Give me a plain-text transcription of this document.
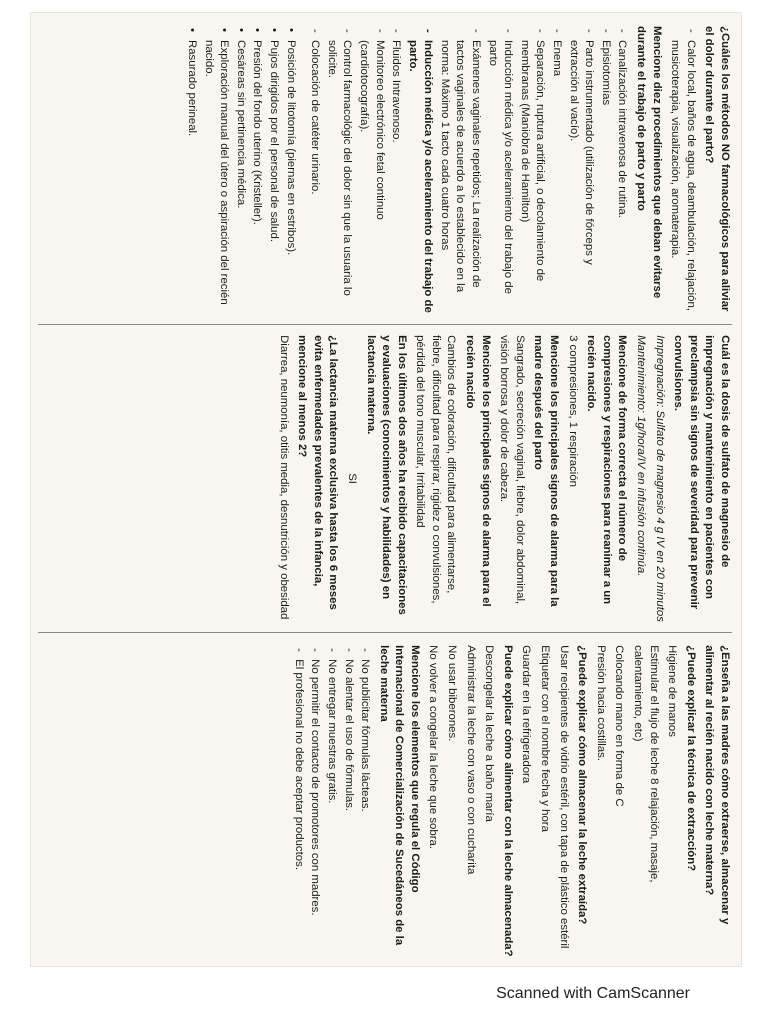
¿Cuáles los métodos NO farmacológicos para aliviar el dolor durante el parto?

- Calor local, baños de agua, deambulación, relajación, musicoterapia, visualización, aromaterapia.

Mencione diez procedimientos que deban evitarse durante el trabajo de parto y parto

- Canalización intravenosa de rutina.
- Episiotomías
- Parto instrumentado (utilización de fórceps y extracción al vacío).
- Enema
- Separación, ruptura artificial, o decolamiento de membranas (Maniobra de Hamilton)
- Inducción médica y/o aceleramiento del trabajo de parto
- Exámenes vaginales repetidos; La realización de tactos vaginales de acuerdo a lo establecido en la norma: Máximo 1 tacto cada cuatro horas
- Inducción médica y/o aceleramiento del trabajo de parto.
- Fluidos Intravenoso.
- Monitoreo electrónico fetal continuo (cardiotocografía).
- Control farmacológic del dolor sin que la usuaria lo solicite.
- Colocación de catéter urinario.
• Posición de litotomía (piernas en estribos).
• Pujos dirigidos por el personal de salud.
• Presión del fondo uterino (Kristeller).
• Cesáreas sin pertinencia médica.
• Exploración manual del útero o aspiración del recién nacido.
• Rasurado perineal.

Cuál es la dosis de sulfato de magnesio de impregnación y mantenimiento en pacientes con preclampsia sin signos de severidad para prevenir convulsiones.

Impregnación: Sulfato de magnesio 4 g IV en 20 minutos

Mantenimiento: 1g/hora/IV en infusión continúa.

Mencione de forma correcta el número de compresiones y respiraciones para reanimar a un recién nacido.

3 compresiones, 1 respiración

Mencione los principales signos de alarma para la madre después del parto

Sangrado, secreción vaginal, fiebre, dolor abdominal, visión borrosa y dolor de cabeza.

Mencione los principales signos de alarma para el recién nacido

Cambios de coloración, dificultad para alimentarse, fiebre, dificultad para respirar, rigidez o convulsiones, pérdida del tono muscular, Irritabilidad

En los últimos dos años ha recibido capacitaciones y evaluaciones (conocimientos y habilidades) en lactancia materna.

SI

¿La lactancia materna exclusiva hasta los 6 meses evita enfermedades prevalentes de la infancia, mencione al menos 2?

Diarrea, neumonía, otitis media, desnutrición y obesidad

¿Enseña a las madres cómo extraerse, almacenar y alimentar al recién nacido con leche materna?

¿Puede explicar la técnica de extracción?

Higiene de manos

Estimular el flujo de leche 8 relajación, masaje, calentamiento, etc)

Colocando mano en forma de C

Presión hacia costillas.

¿Puede explicar cómo almacenar la leche extraída?

Usar recipientes de vidrio estéril, con tapa de plástico estéril

Etiquetar con el nombre fecha y hora

Guardar en la refrigeradora

Puede explicar cómo alimentar con la leche almacenada?

Descongelar la leche a baño maría

Administrar la leche con vaso o con cucharita

No usar biberones.

No volver a congelar la leche que sobra.

Mencione los elementos que regula el Código Internacional de Comercialización de Sucedáneos de la leche materna

- No publicitar fórmulas lácteas.
- No alentar el uso de fórmulas.
- No entregar muestras gratis.
- No permitir el contacto de promotores con madres.
- El profesional no debe aceptar productos.
Scanned with CamScanner
